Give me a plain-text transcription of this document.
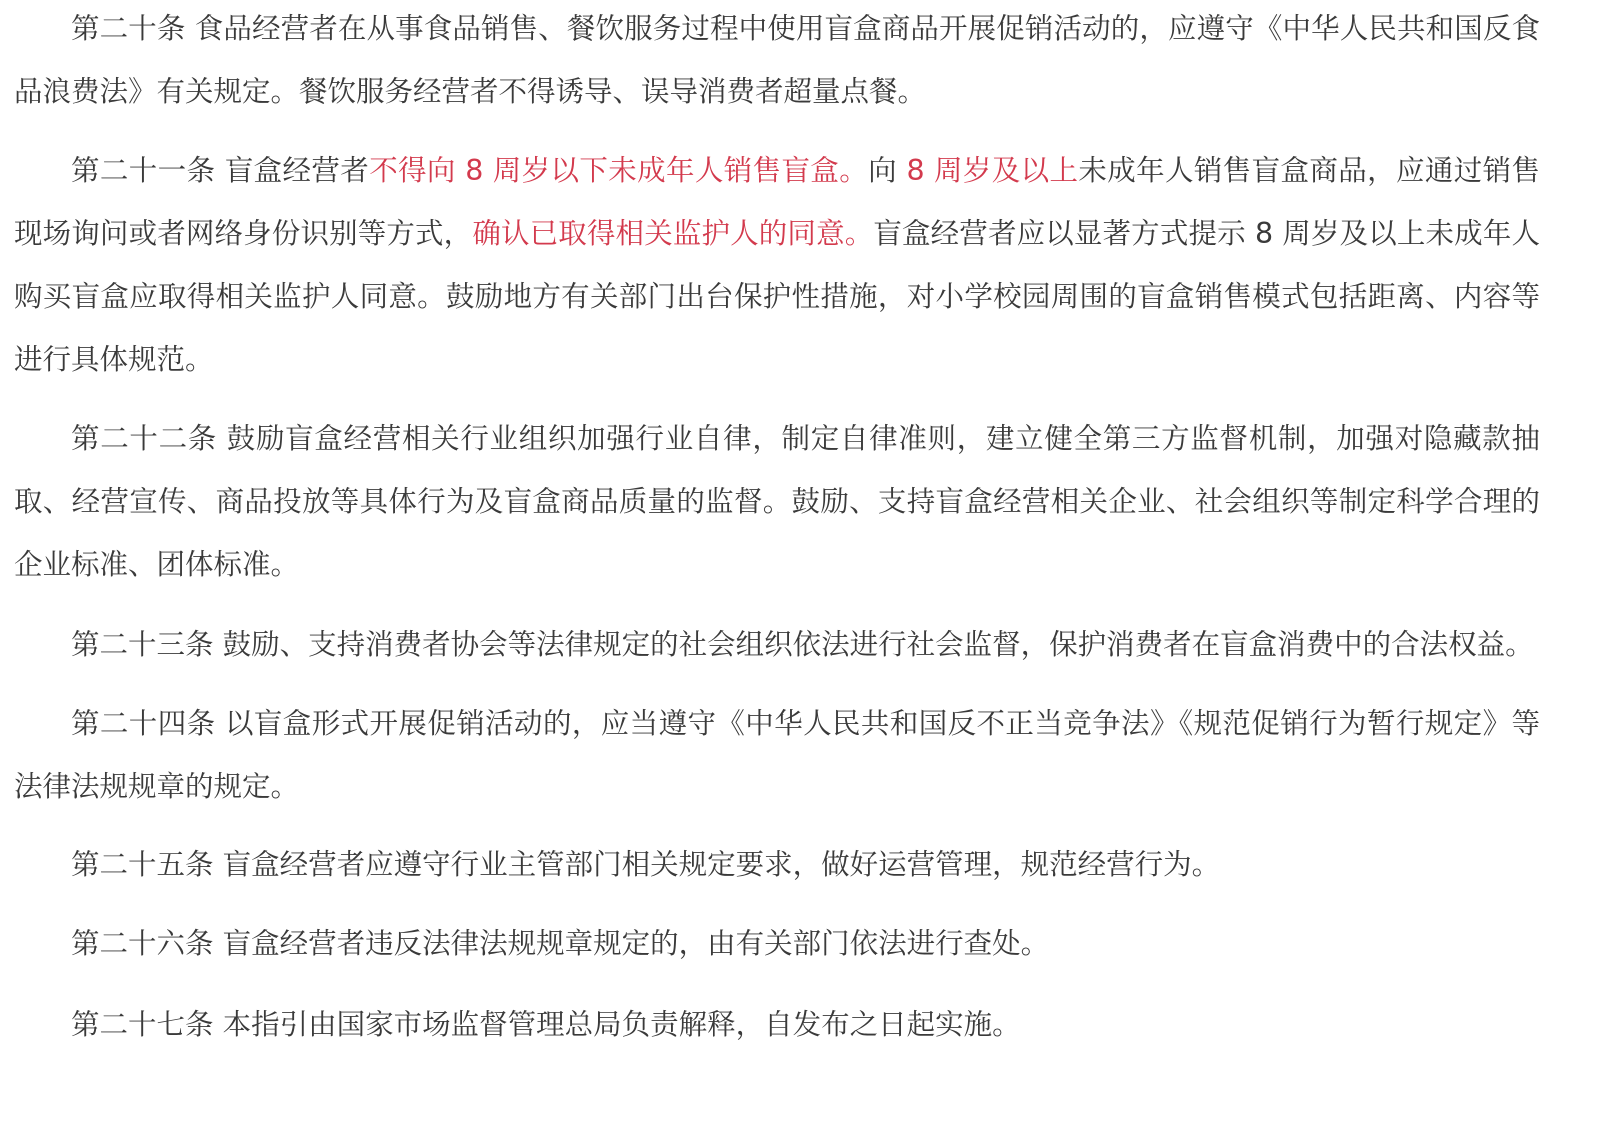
第二十条 食品经营者在从事食品销售、餐饮服务过程中使用盲盒商品开展促销活动的，应遵守《中华人民共和国反食品浪费法》有关规定。餐饮服务经营者不得诱导、误导消费者超量点餐。

第二十一条 盲盒经营者不得向 8 周岁以下未成年人销售盲盒。向 8 周岁及以上未成年人销售盲盒商品，应通过销售现场询问或者网络身份识别等方式，确认已取得相关监护人的同意。盲盒经营者应以显著方式提示 8 周岁及以上未成年人购买盲盒应取得相关监护人同意。鼓励地方有关部门出台保护性措施，对小学校园周围的盲盒销售模式包括距离、内容等进行具体规范。

第二十二条 鼓励盲盒经营相关行业组织加强行业自律，制定自律准则，建立健全第三方监督机制，加强对隐藏款抽取、经营宣传、商品投放等具体行为及盲盒商品质量的监督。鼓励、支持盲盒经营相关企业、社会组织等制定科学合理的企业标准、团体标准。

第二十三条 鼓励、支持消费者协会等法律规定的社会组织依法进行社会监督，保护消费者在盲盒消费中的合法权益。

第二十四条 以盲盒形式开展促销活动的，应当遵守《中华人民共和国反不正当竞争法》《规范促销行为暂行规定》等法律法规规章的规定。

第二十五条 盲盒经营者应遵守行业主管部门相关规定要求，做好运营管理，规范经营行为。

第二十六条 盲盒经营者违反法律法规规章规定的，由有关部门依法进行查处。

第二十七条 本指引由国家市场监督管理总局负责解释，自发布之日起实施。
